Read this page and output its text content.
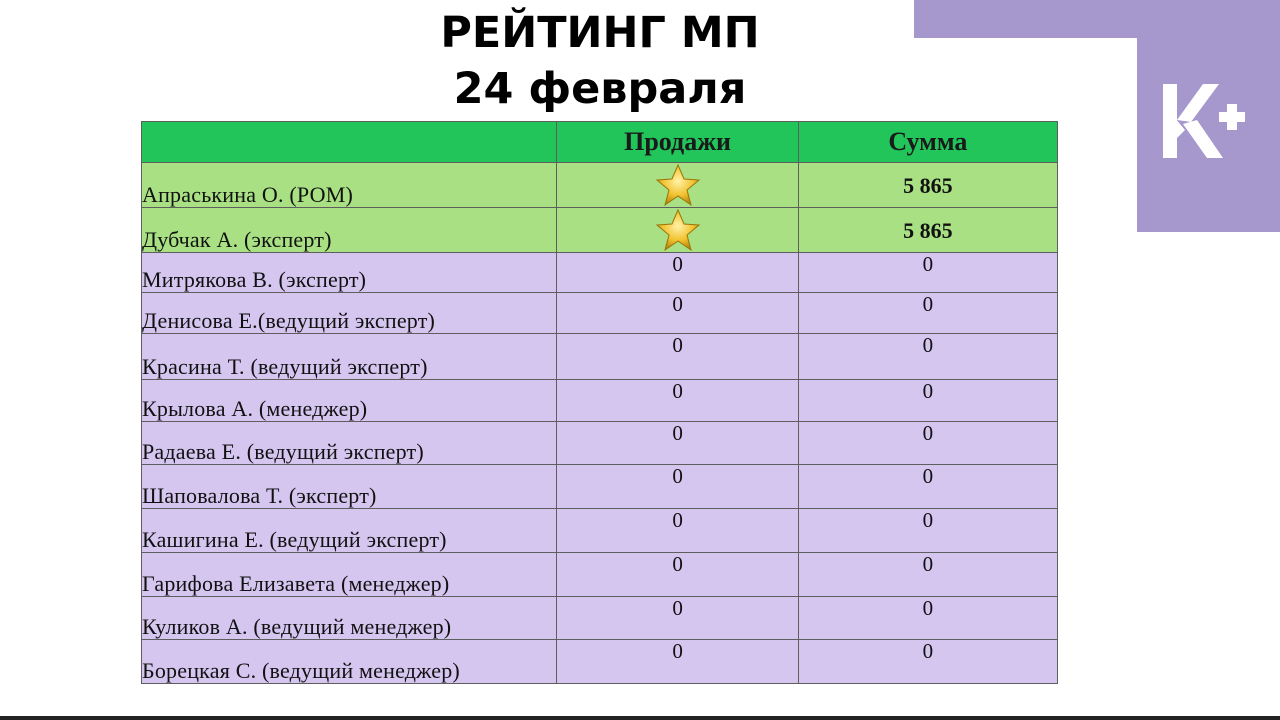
РЕЙТИНГ МП
24 февраля
	Продажи	Сумма
Апраськина О. (РОМ)		5 865
Дубчак А. (эксперт)		5 865
Митрякова В. (эксперт)	0	0
Денисова Е.(ведущий эксперт)	0	0
Красина Т. (ведущий эксперт)	0	0
Крылова А. (менеджер)	0	0
Радаева Е. (ведущий эксперт)	0	0
Шаповалова Т. (эксперт)	0	0
Кашигина Е. (ведущий эксперт)	0	0
Гарифова Елизавета (менеджер)	0	0
Куликов А. (ведущий менеджер)	0	0
Борецкая С. (ведущий менеджер)	0	0
